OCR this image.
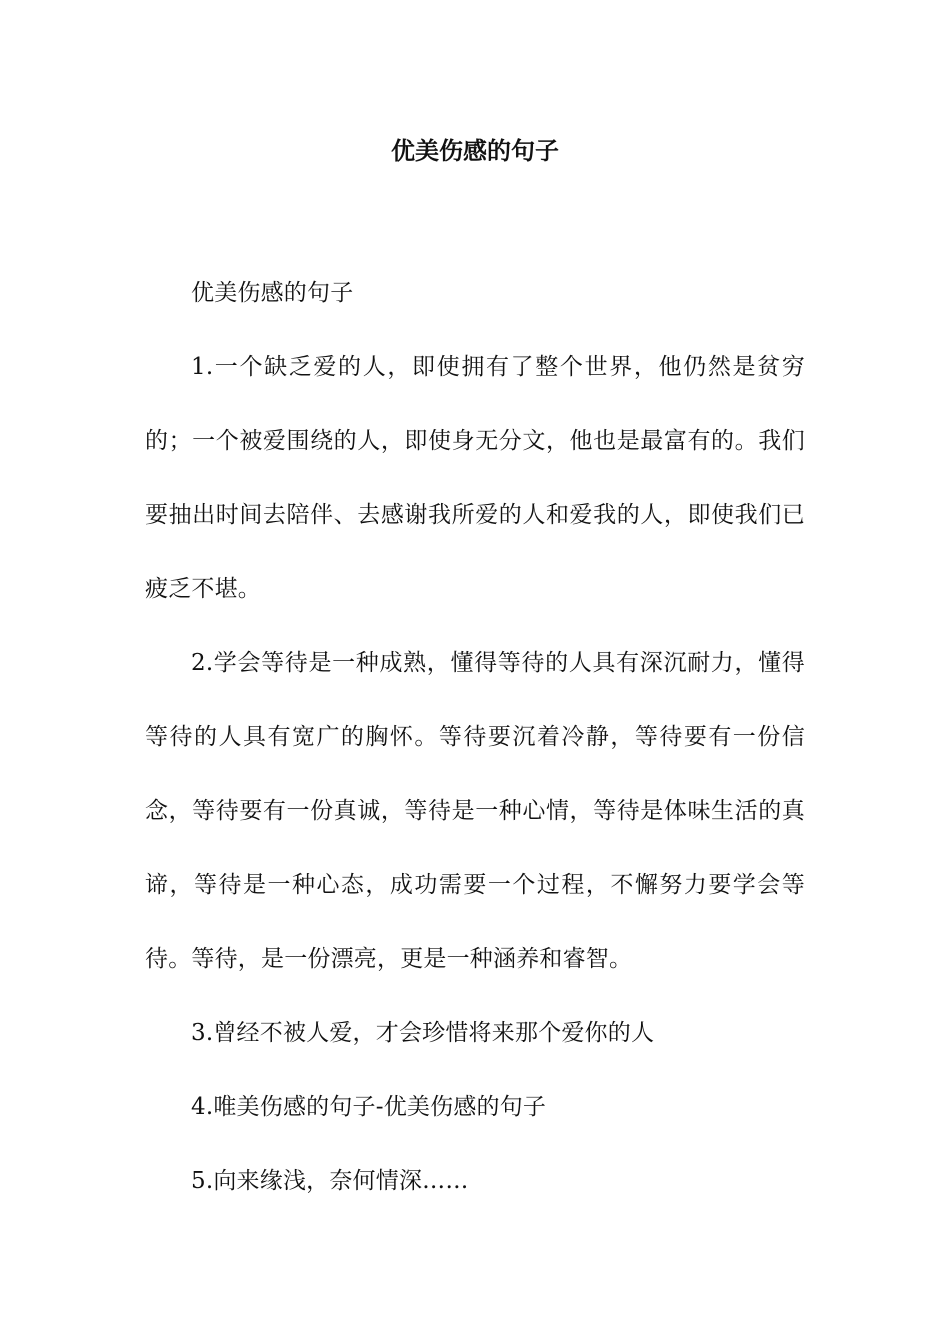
优美伤感的句子

优美伤感的句子

1.一个缺乏爱的人，即使拥有了整个世界，他仍然是贫穷的；一个被爱围绕的人，即使身无分文，他也是最富有的。我们要抽出时间去陪伴、去感谢我所爱的人和爱我的人，即使我们已疲乏不堪。

2.学会等待是一种成熟，懂得等待的人具有深沉耐力，懂得等待的人具有宽广的胸怀。等待要沉着冷静，等待要有一份信念，等待要有一份真诚，等待是一种心情，等待是体味生活的真谛，等待是一种心态，成功需要一个过程，不懈努力要学会等待。等待，是一份漂亮，更是一种涵养和睿智。

3.曾经不被人爱，才会珍惜将来那个爱你的人

4.唯美伤感的句子-优美伤感的句子

5.向来缘浅，奈何情深……
